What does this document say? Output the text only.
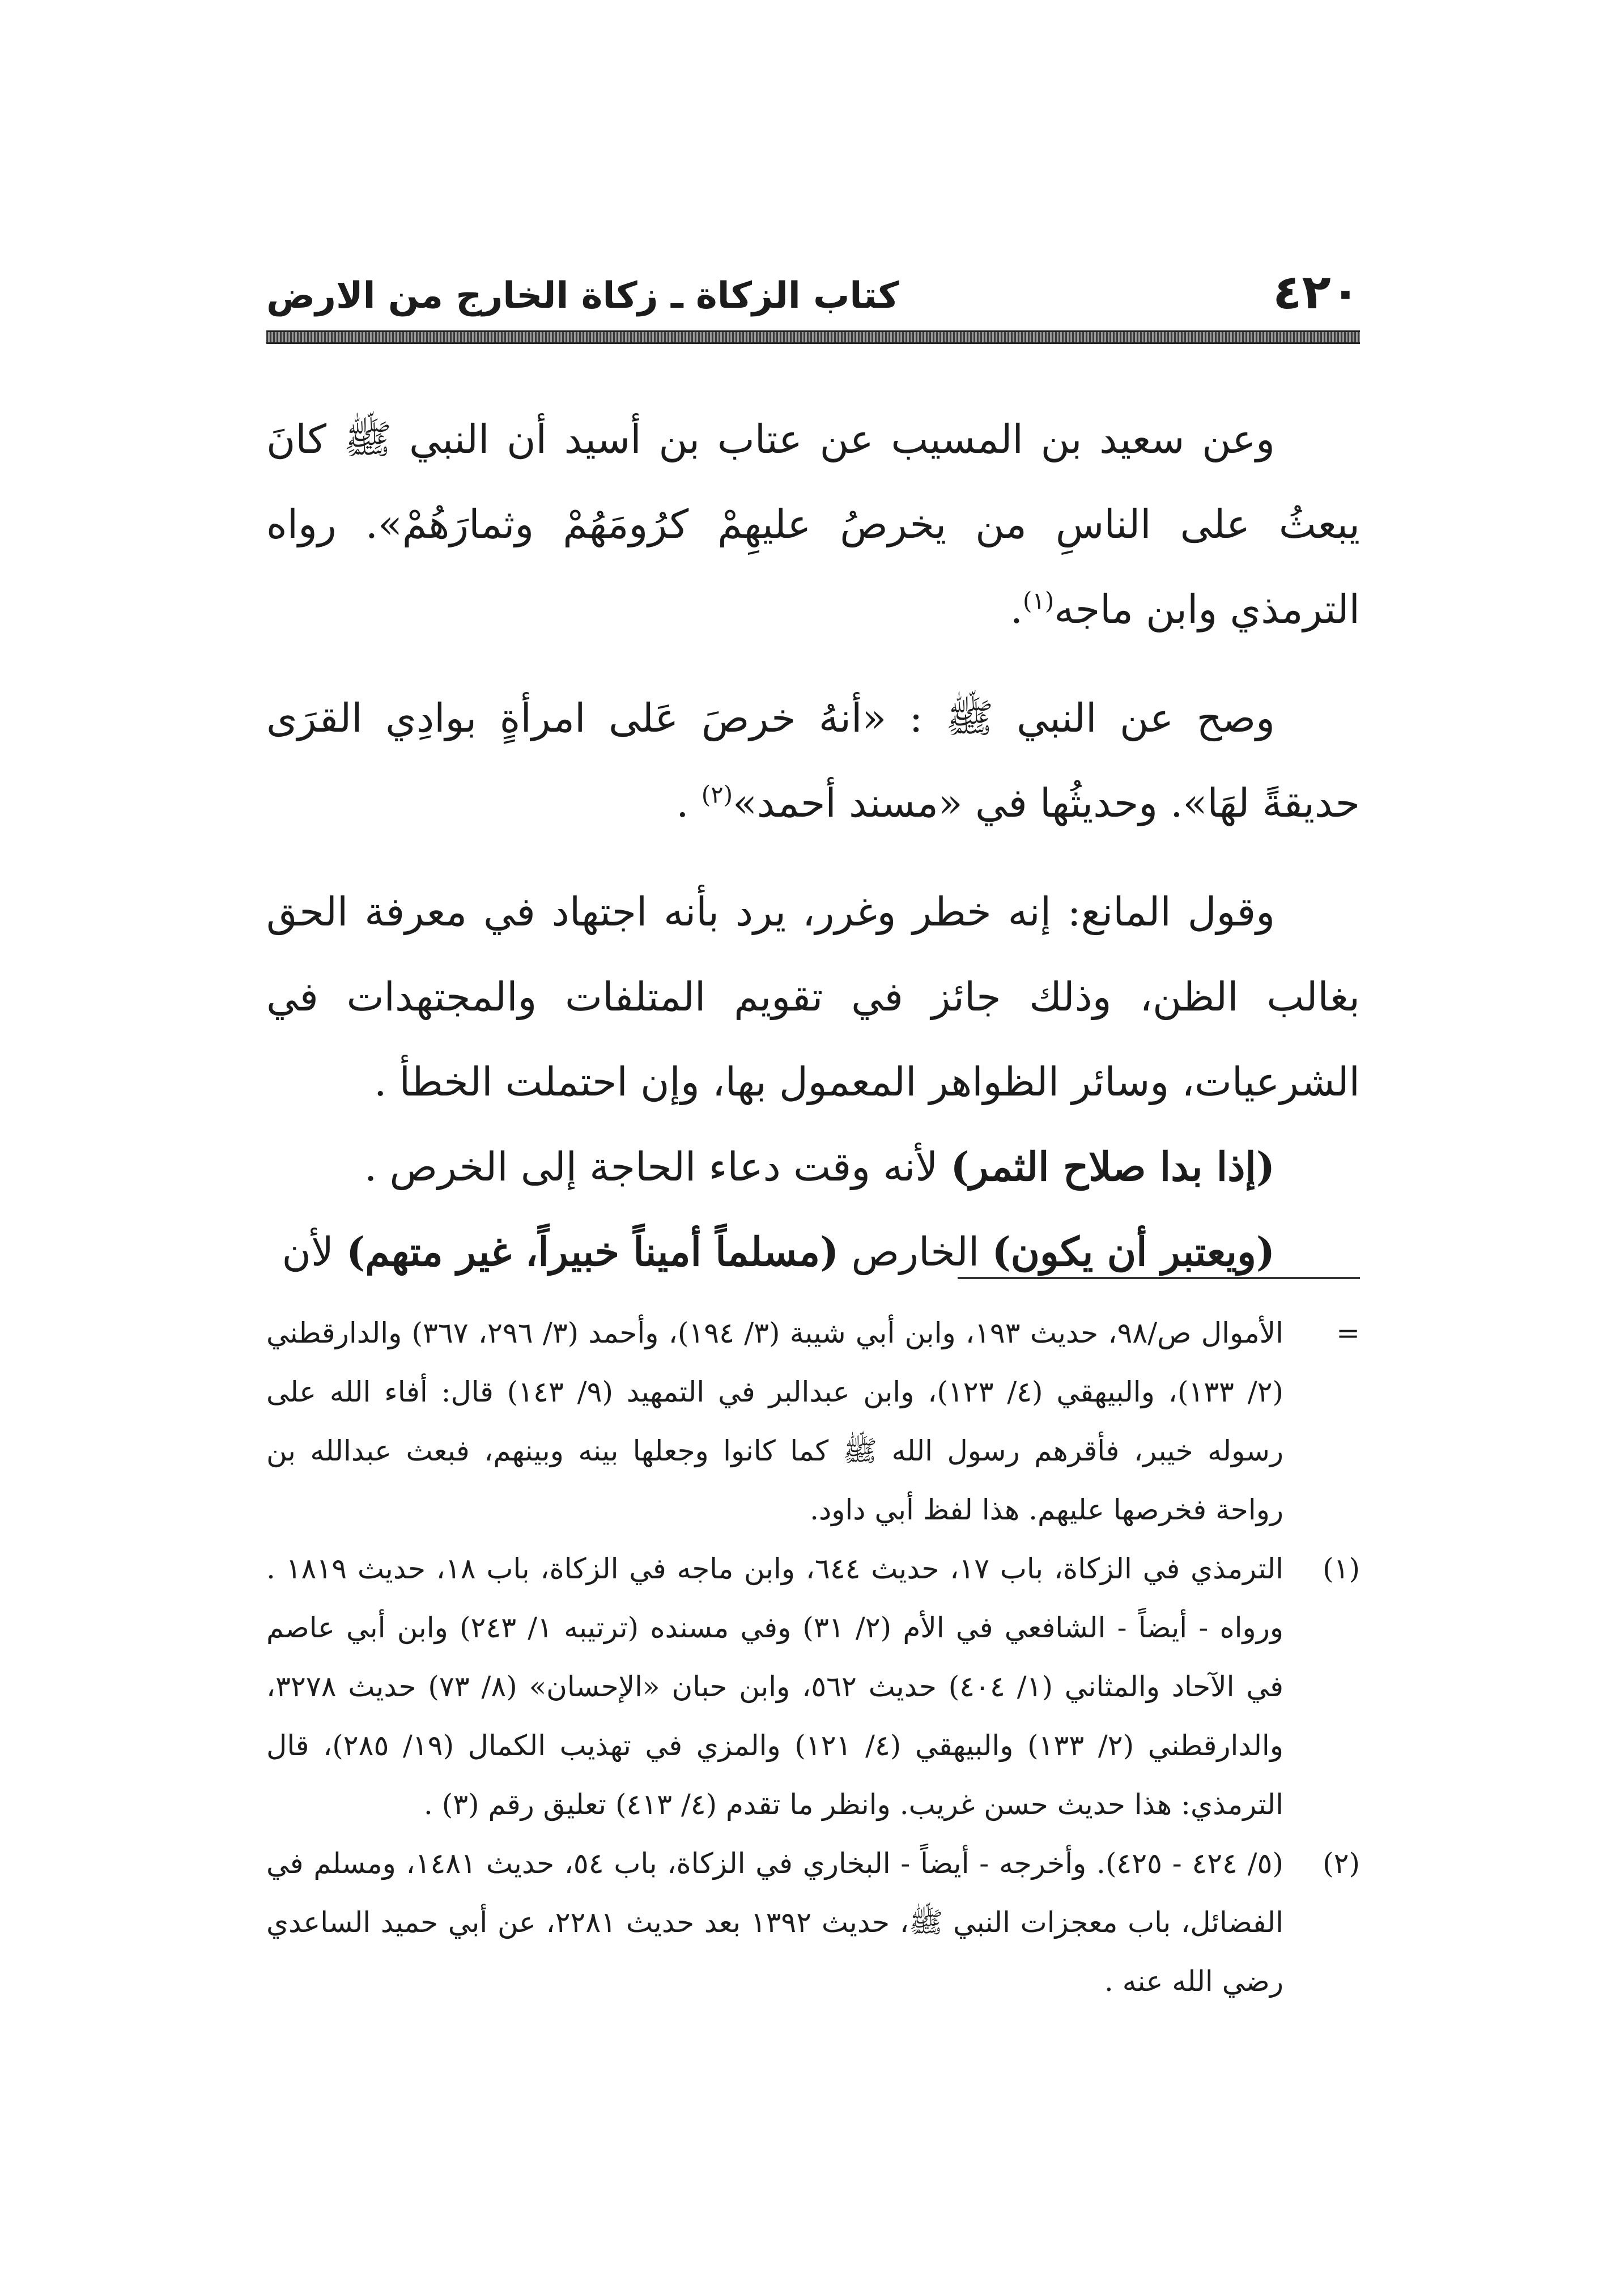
٤٢٠
كتاب الزكاة ـ زكاة الخارج من الارض

وعن سعيد بن المسيب عن عتاب بن أسيد أن النبي ﷺ كانَ يبعثُ على الناسِ من يخرصُ عليهِمْ كرُومَهُمْ وثمارَهُمْ». رواه الترمذي وابن ماجه$^{(١)}$.

وصح عن النبي ﷺ : «أنهُ خرصَ عَلى امرأةٍ بوادِي القرَى حديقةً لهَا». وحديثُها في «مسند أحمد»$^{(٢)}$ .

وقول المانع: إنه خطر وغرر، يرد بأنه اجتهاد في معرفة الحق بغالب الظن، وذلك جائز في تقويم المتلفات والمجتهدات في الشرعيات، وسائر الظواهر المعمول بها، وإن احتملت الخطأ .

(إذا بدا صلاح الثمر) لأنه وقت دعاء الحاجة إلى الخرص .

(ويعتبر أن يكون) الخارص (مسلماً أميناً خبيراً، غير متهم) لأن

=
الأموال ص/٩٨، حديث ١٩٣، وابن أبي شيبة (٣/ ١٩٤)، وأحمد (٣/ ٢٩٦، ٣٦٧) والدارقطني (٢/ ١٣٣)، والبيهقي (٤/ ١٢٣)، وابن عبدالبر في التمهيد (٩/ ١٤٣) قال: أفاء الله على رسوله خيبر، فأقرهم رسول الله ﷺ كما كانوا وجعلها بينه وبينهم، فبعث عبدالله بن رواحة فخرصها عليهم. هذا لفظ أبي داود.
(١)
الترمذي في الزكاة، باب ١٧، حديث ٦٤٤، وابن ماجه في الزكاة، باب ١٨، حديث ١٨١٩ . ورواه - أيضاً - الشافعي في الأم (٢/ ٣١) وفي مسنده (ترتيبه ١/ ٢٤٣) وابن أبي عاصم في الآحاد والمثاني (١/ ٤٠٤) حديث ٥٦٢، وابن حبان «الإحسان» (٨/ ٧٣) حديث ٣٢٧٨، والدارقطني (٢/ ١٣٣) والبيهقي (٤/ ١٢١) والمزي في تهذيب الكمال (١٩/ ٢٨٥)، قال الترمذي: هذا حديث حسن غريب. وانظر ما تقدم (٤/ ٤١٣) تعليق رقم (٣) .
(٢)
(٥/ ٤٢٤ - ٤٢٥). وأخرجه - أيضاً - البخاري في الزكاة، باب ٥٤، حديث ١٤٨١، ومسلم في الفضائل، باب معجزات النبي ﷺ، حديث ١٣٩٢ بعد حديث ٢٢٨١، عن أبي حميد الساعدي رضي الله عنه .
